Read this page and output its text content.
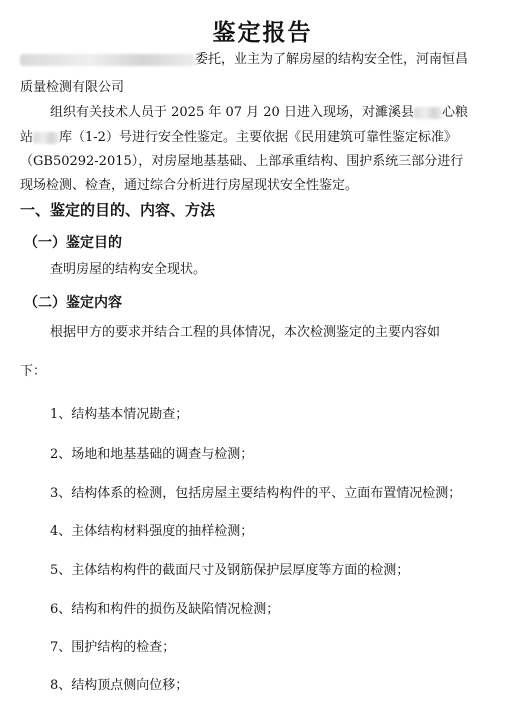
鉴定报告
委托，业主为了解房屋的结构安全性，河南恒昌
质量检测有限公司
组织有关技术人员于 2025 年 07 月 20 日进入现场，对濉溪县 心粮
站 库（1-2）号进行安全性鉴定。主要依据《民用建筑可靠性鉴定标准》
（GB50292-2015），对房屋地基基础、上部承重结构、围护系统三部分进行
现场检测、检查，通过综合分析进行房屋现状安全性鉴定。
一、鉴定的目的、内容、方法
（一）鉴定目的
查明房屋的结构安全现状。
（二）鉴定内容
根据甲方的要求并结合工程的具体情况，本次检测鉴定的主要内容如
下：
1、结构基本情况勘查；
2、场地和地基基础的调查与检测；
3、结构体系的检测，包括房屋主要结构构件的平、立面布置情况检测；
4、主体结构材料强度的抽样检测；
5、主体结构构件的截面尺寸及钢筋保护层厚度等方面的检测；
6、结构和构件的损伤及缺陷情况检测；
7、围护结构的检查；
8、结构顶点侧向位移；
